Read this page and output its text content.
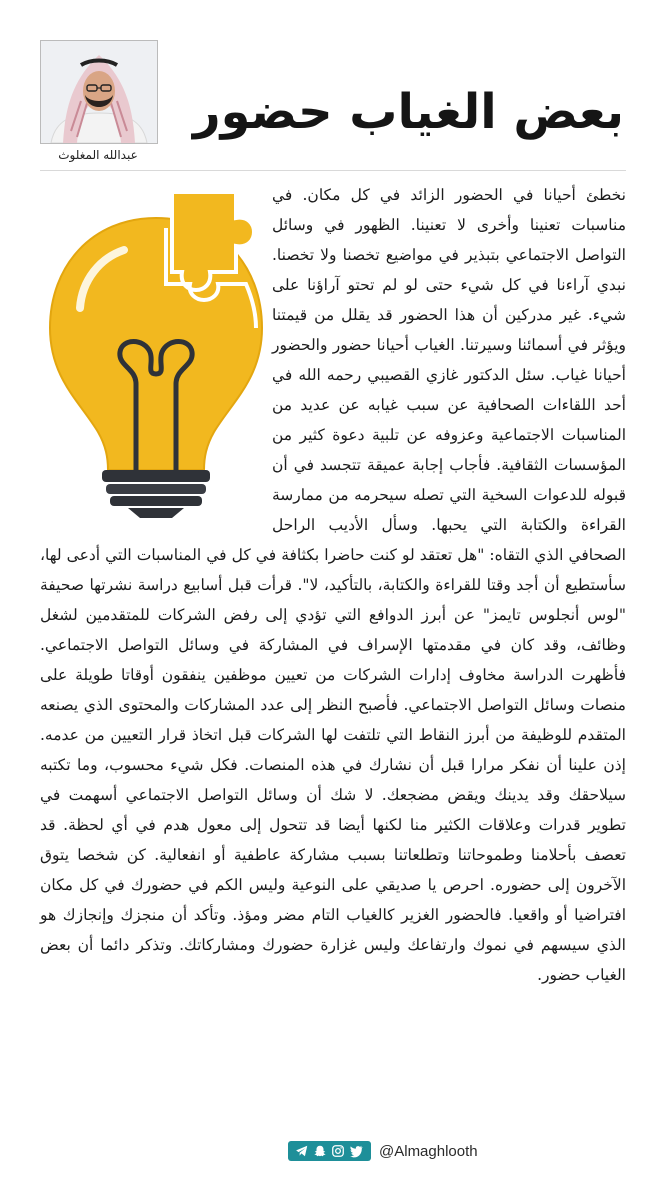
عبدالله المغلوث
بعض الغياب حضور

نخطئ أحيانا في الحضور الزائد في كل مكان. في مناسبات تعنينا وأخرى لا تعنينا. الظهور في وسائل التواصل الاجتماعي بتبذير في مواضيع تخصنا ولا تخصنا. نبدي آراءنا في كل شيء حتى لو لم تحتو آراؤنا على شيء. غير مدركين أن هذا الحضور قد يقلل من قيمتنا ويؤثر في أسمائنا وسيرتنا. الغياب أحيانا حضور والحضور أحيانا غياب. سئل الدكتور غازي القصيبي رحمه الله في أحد اللقاءات الصحافية عن سبب غيابه عن عديد من المناسبات الاجتماعية وعزوفه عن تلبية دعوة كثير من المؤسسات الثقافية. فأجاب إجابة عميقة تتجسد في أن قبوله للدعوات السخية التي تصله سيحرمه من ممارسة القراءة والكتابة التي يحبها. وسأل الأديب الراحل الصحافي الذي التقاه: "هل تعتقد لو كنت حاضرا بكثافة في كل في المناسبات التي أدعى لها، سأستطيع أن أجد وقتا للقراءة والكتابة، بالتأكيد، لا". قرأت قبل أسابيع دراسة نشرتها صحيفة "لوس أنجلوس تايمز" عن أبرز الدوافع التي تؤدي إلى رفض الشركات للمتقدمين لشغل وظائف، وقد كان في مقدمتها الإسراف في المشاركة في وسائل التواصل الاجتماعي. فأظهرت الدراسة مخاوف إدارات الشركات من تعيين موظفين ينفقون أوقاتا طويلة على منصات وسائل التواصل الاجتماعي. فأصبح النظر إلى عدد المشاركات والمحتوى الذي يصنعه المتقدم للوظيفة من أبرز النقاط التي تلتفت لها الشركات قبل اتخاذ قرار التعيين من عدمه. إذن علينا أن نفكر مرارا قبل أن نشارك في هذه المنصات. فكل شيء محسوب، وما تكتبه سيلاحقك وقد يدينك ويقض مضجعك. لا شك أن وسائل التواصل الاجتماعي أسهمت في تطوير قدرات وعلاقات الكثير منا لكنها أيضا قد تتحول إلى معول هدم في أي لحظة. قد تعصف بأحلامنا وطموحاتنا وتطلعاتنا بسبب مشاركة عاطفية أو انفعالية. كن شخصا يتوق الآخرون إلى حضوره. احرص يا صديقي على النوعية وليس الكم في حضورك في كل مكان افتراضيا أو واقعيا. فالحضور الغزير كالغياب التام مضر ومؤذ. وتأكد أن منجزك وإنجازك هو الذي سيسهم في نموك وارتفاعك وليس غزارة حضورك ومشاركاتك. وتذكر دائما أن بعض الغياب حضور.

@Almaghlooth
